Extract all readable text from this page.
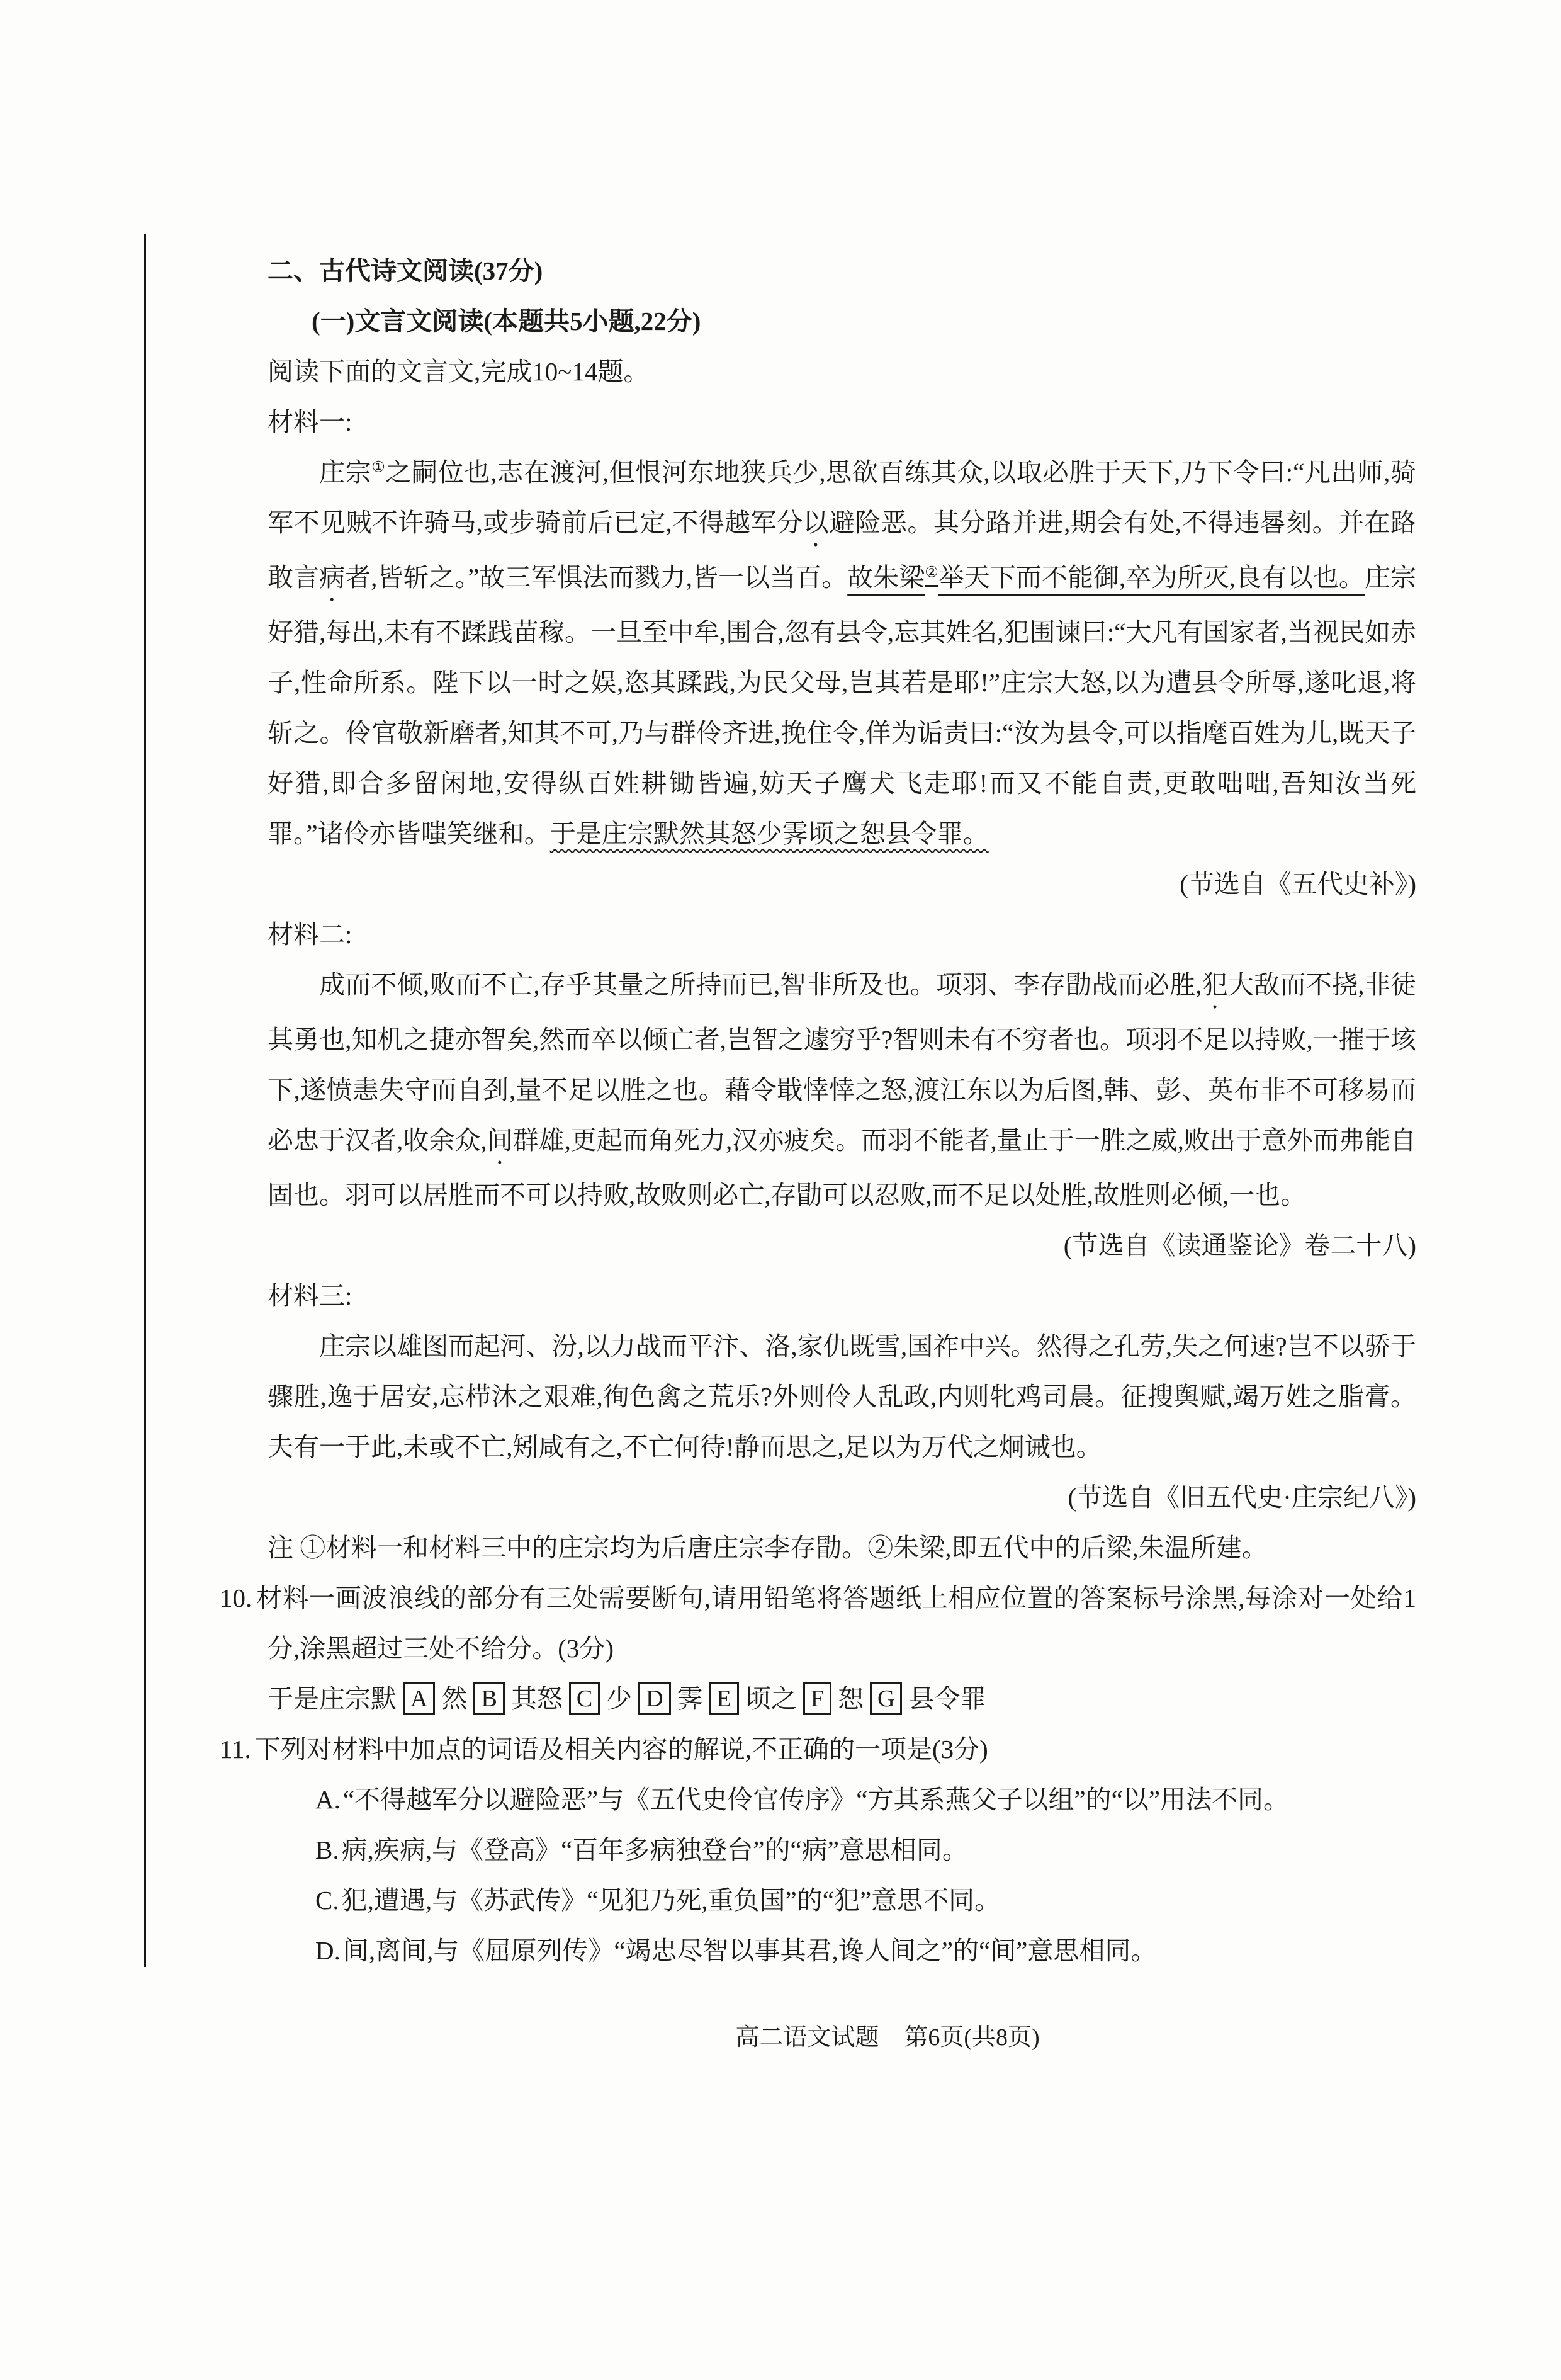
二、古代诗文阅读(37分)
(一)文言文阅读(本题共5小题,22分)

阅读下面的文言文,完成10~14题。

材料一:

庄宗①之嗣位也,志在渡河,但恨河东地狭兵少,思欲百练其众,以取必胜于天下,乃下令曰:“凡出师,骑军不见贼不许骑马,或步骑前后已定,不得越军分以避险恶。其分路并进,期会有处,不得违晷刻。并在路敢言病者,皆斩之。”故三军惧法而戮力,皆一以当百。故朱梁②举天下而不能御,卒为所灭,良有以也。庄宗好猎,每出,未有不蹂践苗稼。一旦至中牟,围合,忽有县令,忘其姓名,犯围谏曰:“大凡有国家者,当视民如赤子,性命所系。陛下以一时之娱,恣其蹂践,为民父母,岂其若是耶!”庄宗大怒,以为遭县令所辱,遂叱退,将斩之。伶官敬新磨者,知其不可,乃与群伶齐进,挽住令,佯为诟责曰:“汝为县令,可以指麾百姓为儿,既天子好猎,即合多留闲地,安得纵百姓耕锄皆遍,妨天子鹰犬飞走耶!而又不能自责,更敢咄咄,吾知汝当死罪。”诸伶亦皆嗤笑继和。于是庄宗默然其怒少霁顷之恕县令罪。

(节选自《五代史补》)

材料二:

成而不倾,败而不亡,存乎其量之所持而已,智非所及也。项羽、李存勖战而必胜,犯大敌而不挠,非徒其勇也,知机之捷亦智矣,然而卒以倾亡者,岂智之遽穷乎?智则未有不穷者也。项羽不足以持败,一摧于垓下,遂愤恚失守而自刭,量不足以胜之也。藉令戢悻悻之怒,渡江东以为后图,韩、彭、英布非不可移易而必忠于汉者,收余众,间群雄,更起而角死力,汉亦疲矣。而羽不能者,量止于一胜之威,败出于意外而弗能自固也。羽可以居胜而不可以持败,故败则必亡,存勖可以忍败,而不足以处胜,故胜则必倾,一也。

(节选自《读通鉴论》卷二十八)

材料三:

庄宗以雄图而起河、汾,以力战而平汴、洛,家仇既雪,国祚中兴。然得之孔劳,失之何速?岂不以骄于骤胜,逸于居安,忘栉沐之艰难,徇色禽之荒乐?外则伶人乱政,内则牝鸡司晨。征搜舆赋,竭万姓之脂膏。夫有一于此,未或不亡,矧咸有之,不亡何待!静而思之,足以为万代之炯诫也。

(节选自《旧五代史·庄宗纪八》)

注 ①材料一和材料三中的庄宗均为后唐庄宗李存勖。②朱梁,即五代中的后梁,朱温所建。

10. 材料一画波浪线的部分有三处需要断句,请用铅笔将答题纸上相应位置的答案标号涂黑,每涂对一处给1分,涂黑超过三处不给分。(3分)

于是庄宗默 A 然 B 其怒 C 少 D 霁 E 顷之 F 恕 G 县令罪

11. 下列对材料中加点的词语及相关内容的解说,不正确的一项是(3分)

A.“不得越军分以避险恶”与《五代史伶官传序》“方其系燕父子以组”的“以”用法不同。

B.病,疾病,与《登高》“百年多病独登台”的“病”意思相同。

C.犯,遭遇,与《苏武传》“见犯乃死,重负国”的“犯”意思不同。

D.间,离间,与《屈原列传》“竭忠尽智以事其君,谗人间之”的“间”意思相同。

高二语文试题 第6页(共8页)
